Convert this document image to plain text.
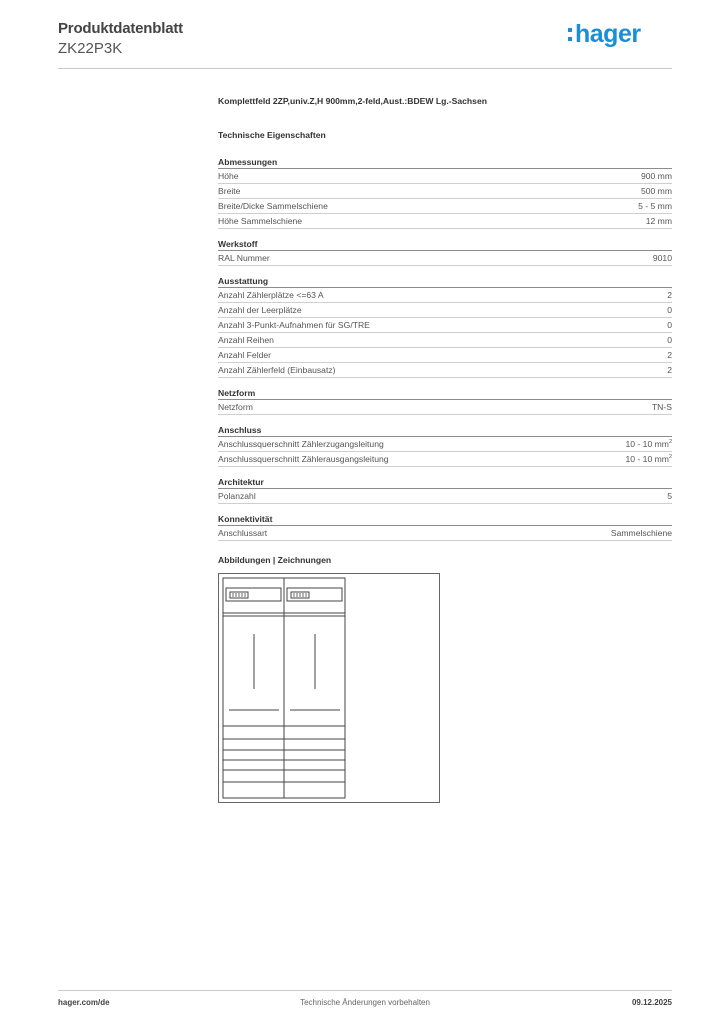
Produktdatenblatt
ZK22P3K
hager
Komplettfeld 2ZP,univ.Z,H 900mm,2-feld,Aust.:BDEW Lg.-Sachsen
Technische Eigenschaften
Abmessungen
Höhe	900 mm
Breite	500 mm
Breite/Dicke Sammelschiene	5 - 5 mm
Höhe Sammelschiene	12 mm
Werkstoff
RAL Nummer	9010
Ausstattung
Anzahl Zählerplätze <=63 A	2
Anzahl der Leerplätze	0
Anzahl 3-Punkt-Aufnahmen für SG/TRE	0
Anzahl Reihen	0
Anzahl Felder	2
Anzahl Zählerfeld (Einbausatz)	2
Netzform
Netzform	TN-S
Anschluss
Anschlussquerschnitt Zählerzugangsleitung	10 - 10 $mm^2$
Anschlussquerschnitt Zählerausgangsleitung	10 - 10 $mm^2$
Architektur
Polanzahl	5
Konnektivität
Anschlussart	Sammelschiene
Abbildungen | Zeichnungen
hager.com/de	Technische Änderungen vorbehalten	09.12.2025
